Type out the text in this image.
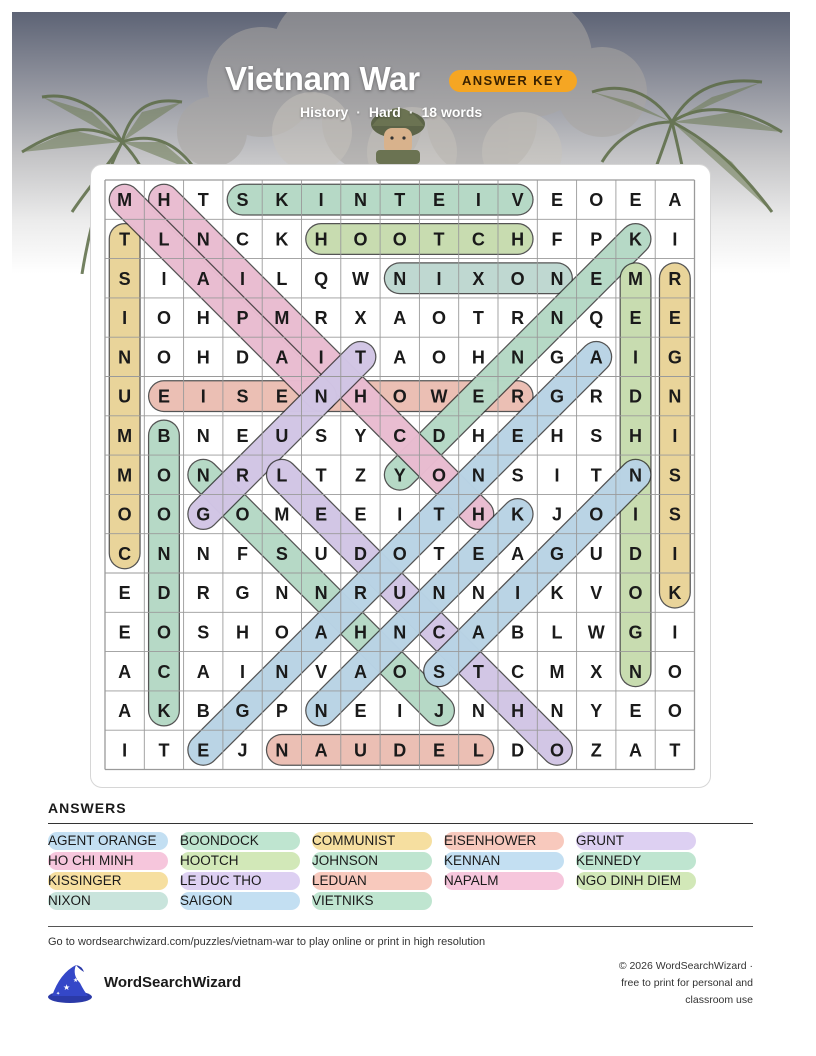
Vietnam War	ANSWER KEY
History · Hard · 18 words
M H T S K I N T E I V E O E A
T L N C K H O O T C H F P K I
S I A I L Q W N I X O N E M R
I O H P M R X A O T R N Q E E
N O H D A I T A O H N G A I G
U E I S E N H O W E R G R D N
M B N E U S Y C D H E H S H I
M O N R L T Z Y O N S I T N S
O O G O M E E I T H K J O I S
C N N F S U D O T E A G U D I
E D R G N N R U N N I K V O K
E O S H O A H N C A B L W G I
A C A I N V A O S T C M X N O
A K B G P N E I J N H N Y E O
I T E J N A U D E L D O Z A T
ANSWERS
AGENT ORANGE	BOONDOCK	COMMUNIST	EISENHOWER	GRUNT
HO CHI MINH	HOOTCH	JOHNSON	KENNAN	KENNEDY
KISSINGER	LE DUC THO	LEDUAN	NAPALM	NGO DINH DIEM
NIXON	SAIGON	VIETNIKS
Go to wordsearchwizard.com/puzzles/vietnam-war to play online or print in high resolution
★
★
✦
WordSearchWizard
© 2026 WordSearchWizard ·
free to print for personal and
classroom use
